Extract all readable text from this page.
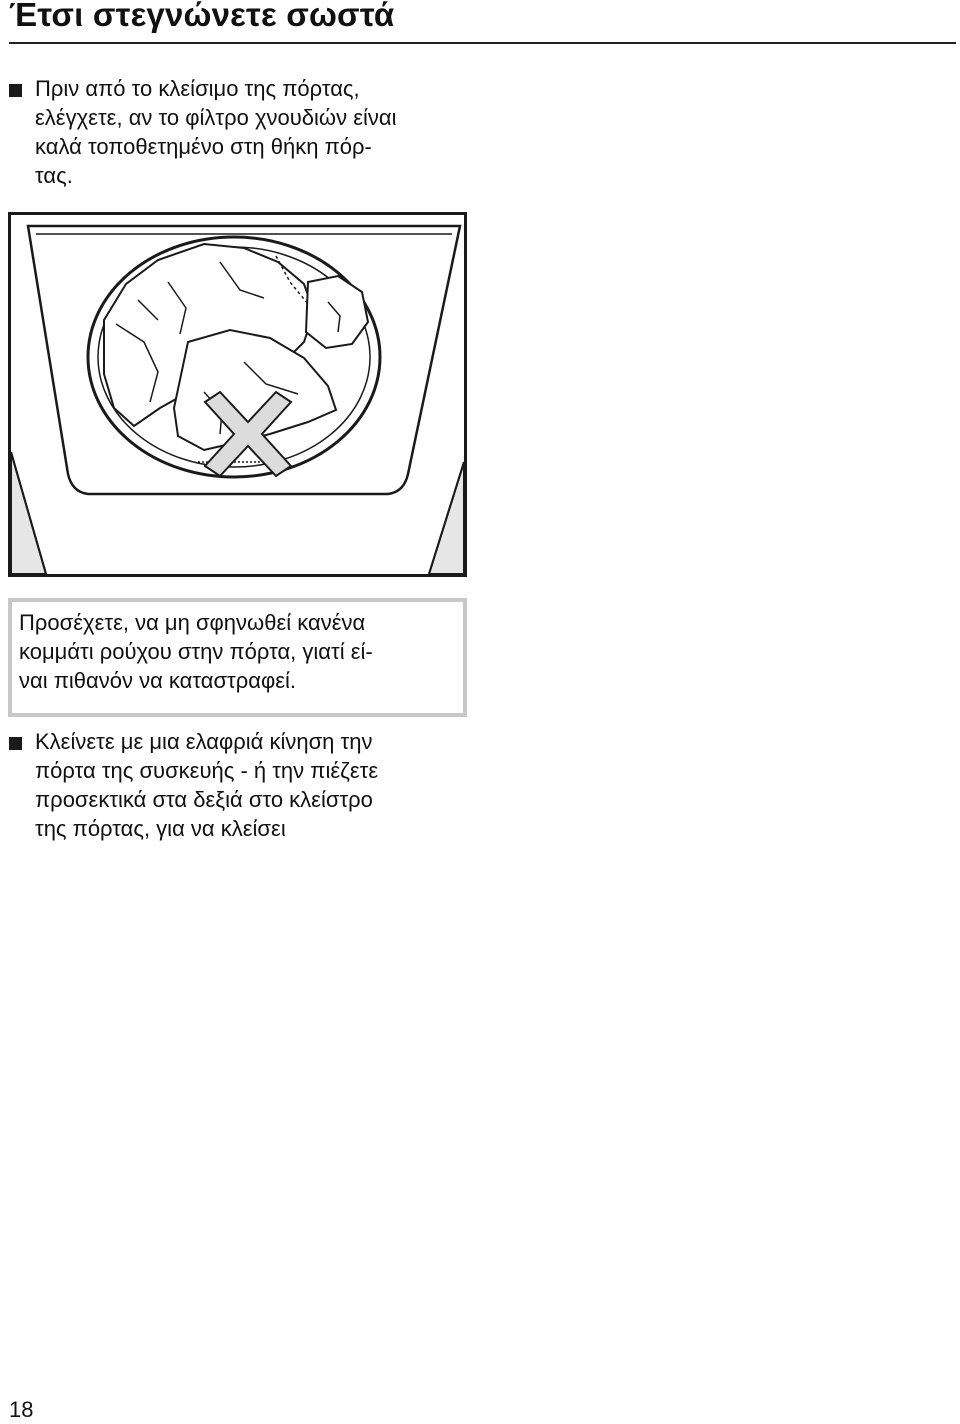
Έτσι στεγνώνετε σωστά
Πριν από το κλείσιμο της πόρτας,
ελέγχετε, αν το φίλτρο χνουδιών είναι
καλά τοποθετημένο στη θήκη πόρ-
τας.
Προσέχετε, να μη σφηνωθεί κανένα
κομμάτι ρούχου στην πόρτα, γιατί εί-
ναι πιθανόν να καταστραφεί.
Κλείνετε με μια ελαφριά κίνηση την
πόρτα της συσκευής - ή την πιέζετε
προσεκτικά στα δεξιά στο κλείστρο
της πόρτας, για να κλείσει
18
